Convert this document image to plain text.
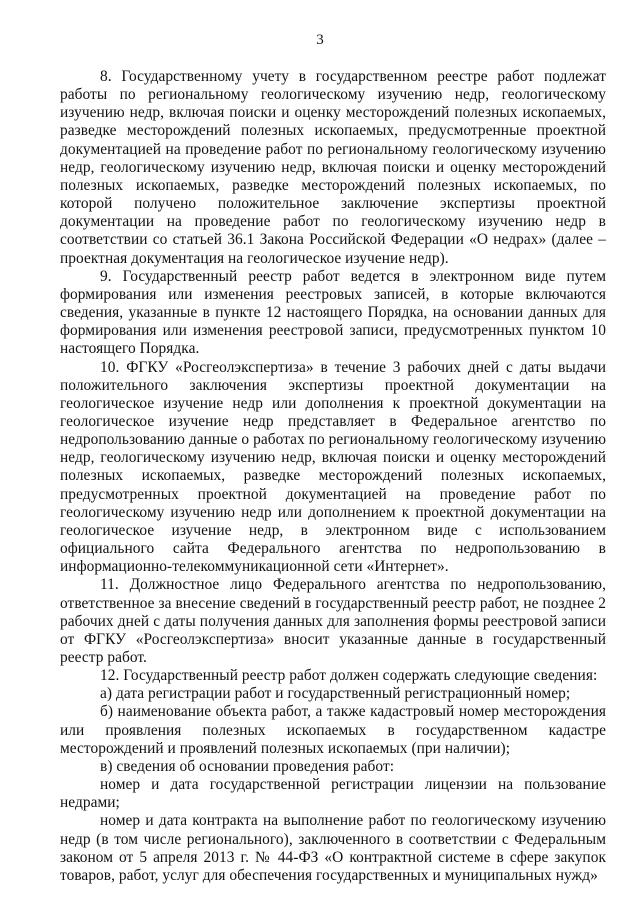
3

8. Государственному учету в государственном реестре работ подлежат работы по региональному геологическому изучению недр, геологическому изучению недр, включая поиски и оценку месторождений полезных ископаемых, разведке месторождений полезных ископаемых, предусмотренные проектной документацией на проведение работ по региональному геологическому изучению недр, геологическому изучению недр, включая поиски и оценку месторождений полезных ископаемых, разведке месторождений полезных ископаемых, по которой получено положительное заключение экспертизы проектной документации на проведение работ по геологическому изучению недр в соответствии со статьей 36.1 Закона Российской Федерации «О недрах» (далее – проектная документация на геологическое изучение недр).

9. Государственный реестр работ ведется в электронном виде путем формирования или изменения реестровых записей, в которые включаются сведения, указанные в пункте 12 настоящего Порядка, на основании данных для формирования или изменения реестровой записи, предусмотренных пунктом 10 настоящего Порядка.

10. ФГКУ «Росгеолэкспертиза» в течение 3 рабочих дней с даты выдачи положительного заключения экспертизы проектной документации на геологическое изучение недр или дополнения к проектной документации на геологическое изучение недр представляет в Федеральное агентство по недропользованию данные о работах по региональному геологическому изучению недр, геологическому изучению недр, включая поиски и оценку месторождений полезных ископаемых, разведке месторождений полезных ископаемых, предусмотренных проектной документацией на проведение работ по геологическому изучению недр или дополнением к проектной документации на геологическое изучение недр, в электронном виде с использованием официального сайта Федерального агентства по недропользованию в информационно-телекоммуникационной сети «Интернет».

11. Должностное лицо Федерального агентства по недропользованию, ответственное за внесение сведений в государственный реестр работ, не позднее 2 рабочих дней с даты получения данных для заполнения формы реестровой записи от ФГКУ «Росгеолэкспертиза» вносит указанные данные в государственный реестр работ.

12. Государственный реестр работ должен содержать следующие сведения:

а) дата регистрации работ и государственный регистрационный номер;

б) наименование объекта работ, а также кадастровый номер месторождения или проявления полезных ископаемых в государственном кадастре месторождений и проявлений полезных ископаемых (при наличии);

в) сведения об основании проведения работ:

номер и дата государственной регистрации лицензии на пользование недрами;

номер и дата контракта на выполнение работ по геологическому изучению недр (в том числе регионального), заключенного в соответствии с Федеральным законом от 5 апреля 2013 г. № 44-ФЗ «О контрактной системе в сфере закупок товаров, работ, услуг для обеспечения государственных и муниципальных нужд»
